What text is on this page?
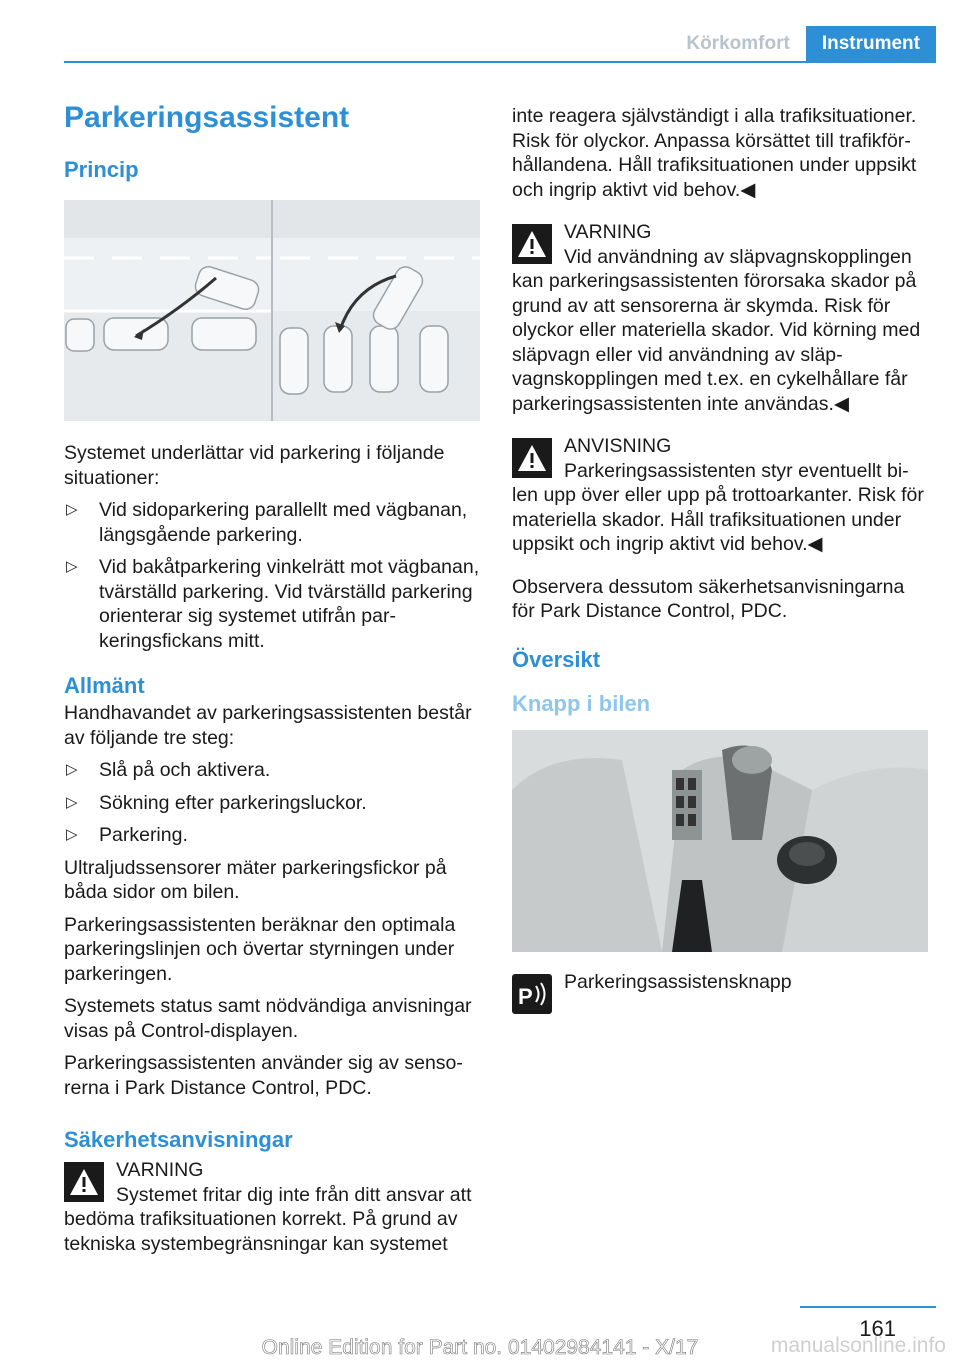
Körkomfort	Instrument
Parkeringsassistent
Princip

Systemet underlättar vid parkering i följande situationer:

▷ Vid sidoparkering parallellt med vägbanan, längsgående parkering.
▷ Vid bakåtparkering vinkelrätt mot vägbanan, tvärställd parkering. Vid tvärställd parkering orienterar sig systemet utifrån parkeringsfickans mitt.
Allmänt

Handhavandet av parkeringsassistenten består av följande tre steg:

▷ Slå på och aktivera.
▷ Sökning efter parkeringsluckor.
▷ Parkering.

Ultraljudssensorer mäter parkeringsfickor på båda sidor om bilen.

Parkeringsassistenten beräknar den optimala parkeringslinjen och övertar styrningen under parkeringen.

Systemets status samt nödvändiga anvisningar visas på Control-displayen.

Parkeringsassistenten använder sig av sensorerna i Park Distance Control, PDC.

Säkerhetsanvisningar
VARNING
Systemet fritar dig inte från ditt ansvar att bedöma trafiksituationen korrekt. På grund av tekniska systembegränsningar kan systemet

inte reagera självständigt i alla trafiksituationer. Risk för olyckor. Anpassa körsättet till trafikförhållandena. Håll trafiksituationen under uppsikt och ingrip aktivt vid behov.◀

VARNING
Vid användning av släpvagnskopplingen kan parkeringsassistenten förorsaka skador på grund av att sensorerna är skymda. Risk för olyckor eller materiella skador. Vid körning med släpvagn eller vid användning av släpvagnskopplingen med t.ex. en cykelhållare får parkeringsassistenten inte användas.◀
ANVISNING
Parkeringsassistenten styr eventuellt bilen upp över eller upp på trottoarkanter. Risk för materiella skador. Håll trafiksituationen under uppsikt och ingrip aktivt vid behov.◀

Observera dessutom säkerhetsanvisningarna för Park Distance Control, PDC.

Översikt
Knapp i bilen
P
Parkeringsassistensknapp
161
Online Edition for Part no. 01402984141 - X/17	manualsonline.info
